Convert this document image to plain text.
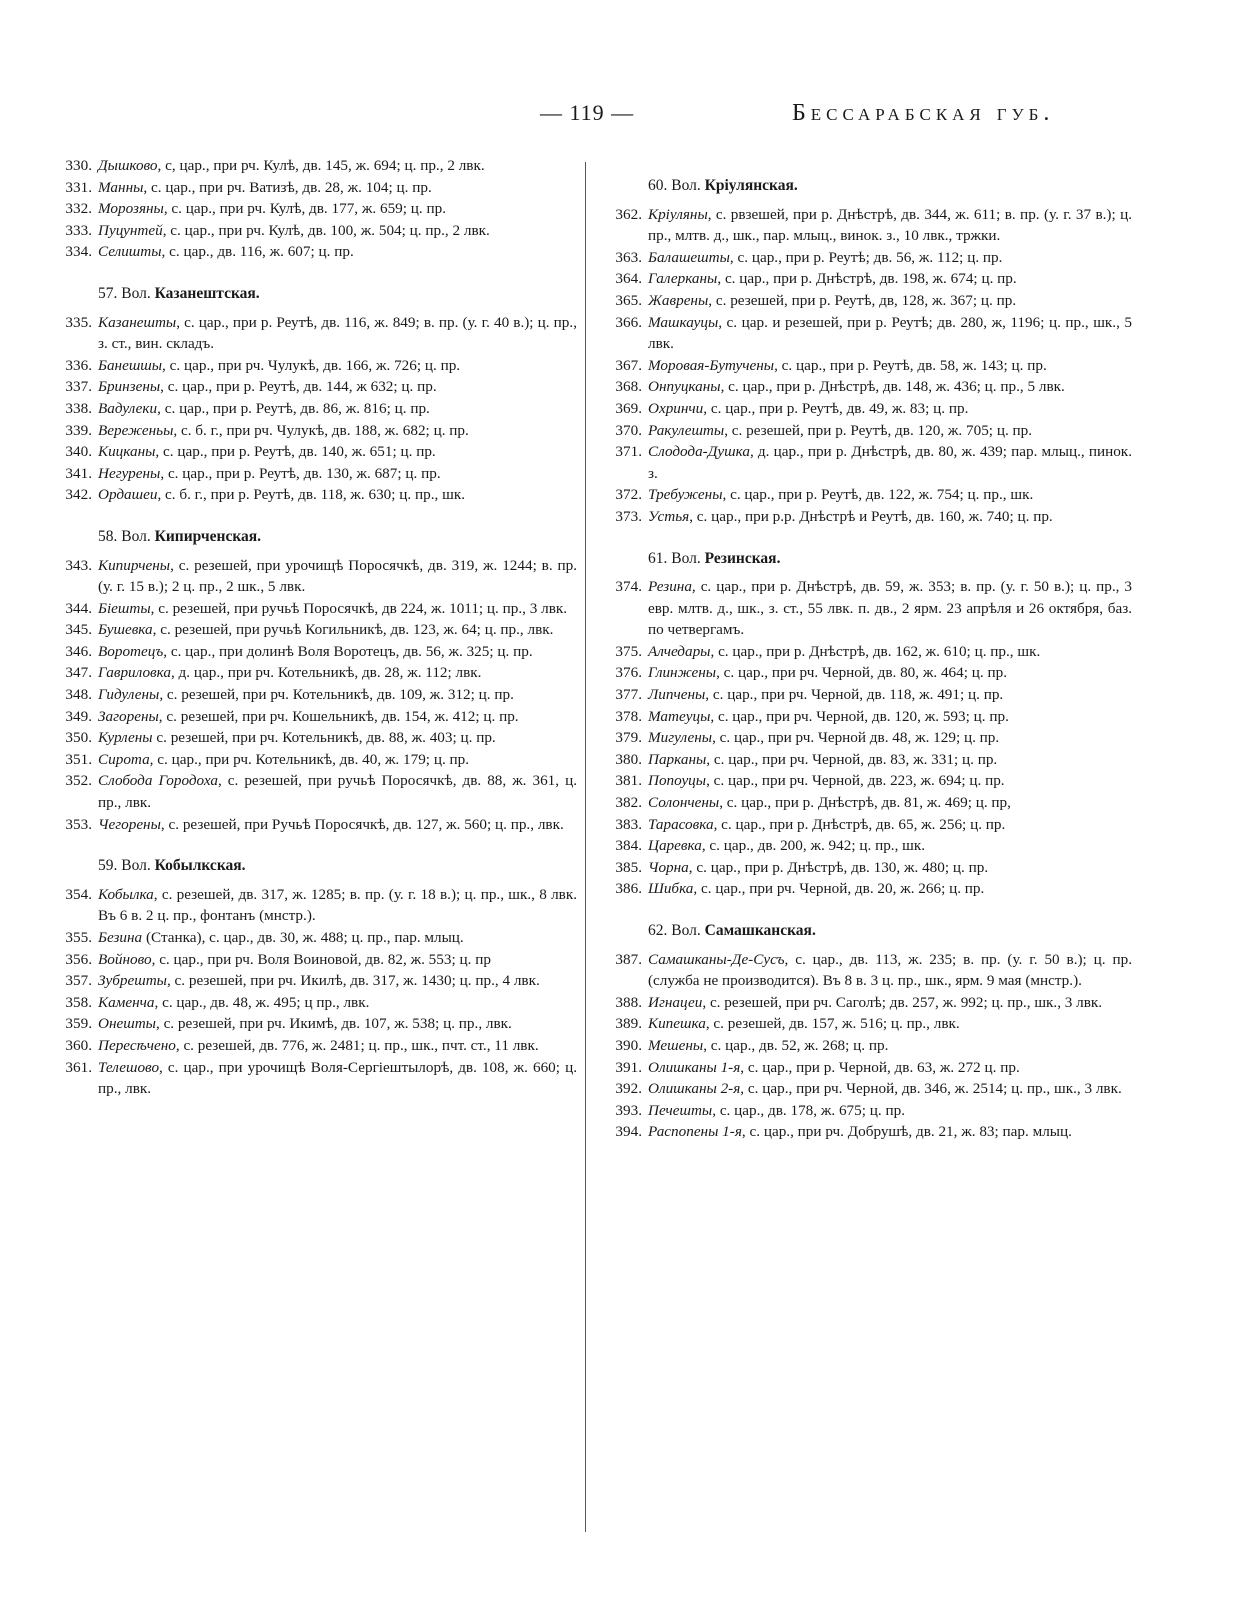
— 119 —	Бессарабская губ.
330. Дышково, с, цар., при рч. Кулѣ, дв. 145, ж. 694; ц. пр., 2 лвк.
331. Манны, с. цар., при рч. Ватизѣ, дв. 28, ж. 104; ц. пр.
332. Морозяны, с. цар., при рч. Кулѣ, дв. 177, ж. 659; ц. пр.
333. Пуцунтей, с. цар., при рч. Кулѣ, дв. 100, ж. 504; ц. пр., 2 лвк.
334. Селишты, с. цар., дв. 116, ж. 607; ц. пр.
57. Вол. Казанештская.
335. Казанешты, с. цар., при р. Реутѣ, дв. 116, ж. 849; в. пр. (у. г. 40 в.); ц. пр., з. ст., вин. складъ.
336. Банешшы, с. цар., при рч. Чулукѣ, дв. 166, ж. 726; ц. пр.
337. Бринзены, с. цар., при р. Реутѣ, дв. 144, ж 632; ц. пр.
338. Вадулеки, с. цар., при р. Реутѣ, дв. 86, ж. 816; ц. пр.
339. Вереженьы, с. б. г., при рч. Чулукѣ, дв. 188, ж. 682; ц. пр.
340. Кицканы, с. цар., при р. Реутѣ, дв. 140, ж. 651; ц. пр.
341. Негурены, с. цар., при р. Реутѣ, дв. 130, ж. 687; ц. пр.
342. Ордашеи, с. б. г., при р. Реутѣ, дв. 118, ж. 630; ц. пр., шк.
58. Вол. Кипирченская.
343. Кипирчены, с. резешей, при урочищѣ Поросячкѣ, дв. 319, ж. 1244; в. пр. (у. г. 15 в.); 2 ц. пр., 2 шк., 5 лвк.
344. Біешты, с. резешей, при ручьѣ Поросячкѣ, дв 224, ж. 1011; ц. пр., 3 лвк.
345. Бушевка, с. резешей, при ручьѣ Когильникѣ, дв. 123, ж. 64; ц. пр., лвк.
346. Воротецъ, с. цар., при долинѣ Воля Воротецъ, дв. 56, ж. 325; ц. пр.
347. Гавриловка, д. цар., при рч. Котельникѣ, дв. 28, ж. 112; лвк.
348. Гидулены, с. резешей, при рч. Котельникѣ, дв. 109, ж. 312; ц. пр.
349. Загорены, с. резешей, при рч. Кошельникѣ, дв. 154, ж. 412; ц. пр.
350. Курлены с. резешей, при рч. Котельникѣ, дв. 88, ж. 403; ц. пр.
351. Сирота, с. цар., при рч. Котельникѣ, дв. 40, ж. 179; ц. пр.
352. Слобода Городоха, с. резешей, при ручьѣ Поросячкѣ, дв. 88, ж. 361, ц. пр., лвк.
353. Чегорены, с. резешей, при Ручьѣ Поросячкѣ, дв. 127, ж. 560; ц. пр., лвк.
59. Вол. Кобылкская.
354. Кобылка, с. резешей, дв. 317, ж. 1285; в. пр. (у. г. 18 в.); ц. пр., шк., 8 лвк. Въ 6 в. 2 ц. пр., фонтанъ (мнстр.).
355. Безина (Станка), с. цар., дв. 30, ж. 488; ц. пр., пар. млыц.
356. Войново, с. цар., при рч. Воля Воиновой, дв. 82, ж. 553; ц. пр
357. Зубрешты, с. резешей, при рч. Икилѣ, дв. 317, ж. 1430; ц. пр., 4 лвк.
358. Каменча, с. цар., дв. 48, ж. 495; ц пр., лвк.
359. Онешты, с. резешей, при рч. Икимѣ, дв. 107, ж. 538; ц. пр., лвк.
360. Пересѣчено, с. резешей, дв. 776, ж. 2481; ц. пр., шк., пчт. ст., 11 лвк.
361. Телешово, с. цар., при урочищѣ Воля-Сергіештылорѣ, дв. 108, ж. 660; ц. пр., лвк.
60. Вол. Кріулянская.
362. Кріуляны, с. рвзешей, при р. Днѣстрѣ, дв. 344, ж. 611; в. пр. (у. г. 37 в.); ц. пр., млтв. д., шк., пар. млыц., винок. з., 10 лвк., тржки.
363. Балашешты, с. цар., при р. Реутѣ; дв. 56, ж. 112; ц. пр.
364. Галерканы, с. цар., при р. Днѣстрѣ, дв. 198, ж. 674; ц. пр.
365. Жаврены, с. резешей, при р. Реутѣ, дв, 128, ж. 367; ц. пр.
366. Машкауцы, с. цар. и резешей, при р. Реутѣ; дв. 280, ж, 1196; ц. пр., шк., 5 лвк.
367. Моровая-Бутучены, с. цар., при р. Реутѣ, дв. 58, ж. 143; ц. пр.
368. Онпуцканы, с. цар., при р. Днѣстрѣ, дв. 148, ж. 436; ц. пр., 5 лвк.
369. Охринчи, с. цар., при р. Реутѣ, дв. 49, ж. 83; ц. пр.
370. Ракулешты, с. резешей, при р. Реутѣ, дв. 120, ж. 705; ц. пр.
371. Слодода-Душка, д. цар., при р. Днѣстрѣ, дв. 80, ж. 439; пар. млыц., пинок. з.
372. Требужены, с. цар., при р. Реутѣ, дв. 122, ж. 754; ц. пр., шк.
373. Устья, с. цар., при р.р. Днѣстрѣ и Реутѣ, дв. 160, ж. 740; ц. пр.
61. Вол. Резинская.
374. Резина, с. цар., при р. Днѣстрѣ, дв. 59, ж. 353; в. пр. (у. г. 50 в.); ц. пр., 3 евр. млтв. д., шк., з. ст., 55 лвк. п. дв., 2 ярм. 23 апрѣля и 26 октября, баз. по четвергамъ.
375. Алчедары, с. цар., при р. Днѣстрѣ, дв. 162, ж. 610; ц. пр., шк.
376. Глинжены, с. цар., при рч. Черной, дв. 80, ж. 464; ц. пр.
377. Липчены, с. цар., при рч. Черной, дв. 118, ж. 491; ц. пр.
378. Матеуцы, с. цар., при рч. Черной, дв. 120, ж. 593; ц. пр.
379. Мигулены, с. цар., при рч. Черной дв. 48, ж. 129; ц. пр.
380. Парканы, с. цар., при рч. Черной, дв. 83, ж. 331; ц. пр.
381. Попоуцы, с. цар., при рч. Черной, дв. 223, ж. 694; ц. пр.
382. Солончены, с. цар., при р. Днѣстрѣ, дв. 81, ж. 469; ц. пр,
383. Тарасовка, с. цар., при р. Днѣстрѣ, дв. 65, ж. 256; ц. пр.
384. Царевка, с. цар., дв. 200, ж. 942; ц. пр., шк.
385. Чорна, с. цар., при р. Днѣстрѣ, дв. 130, ж. 480; ц. пр.
386. Шибка, с. цар., при рч. Черной, дв. 20, ж. 266; ц. пр.
62. Вол. Самашканская.
387. Самашканы-Де-Сусъ, с. цар., дв. 113, ж. 235; в. пр. (у. г. 50 в.); ц. пр. (служба не производится). Въ 8 в. 3 ц. пр., шк., ярм. 9 мая (мнстр.).
388. Игнацеи, с. резешей, при рч. Саголѣ; дв. 257, ж. 992; ц. пр., шк., 3 лвк.
389. Кипешка, с. резешей, дв. 157, ж. 516; ц. пр., лвк.
390. Мешены, с. цар., дв. 52, ж. 268; ц. пр.
391. Олишканы 1-я, с. цар., при р. Черной, дв. 63, ж. 272 ц. пр.
392. Олишканы 2-я, с. цар., при рч. Черной, дв. 346, ж. 2514; ц. пр., шк., 3 лвк.
393. Печешты, с. цар., дв. 178, ж. 675; ц. пр.
394. Распопены 1-я, с. цар., при рч. Добрушѣ, дв. 21, ж. 83; пар. млыц.
